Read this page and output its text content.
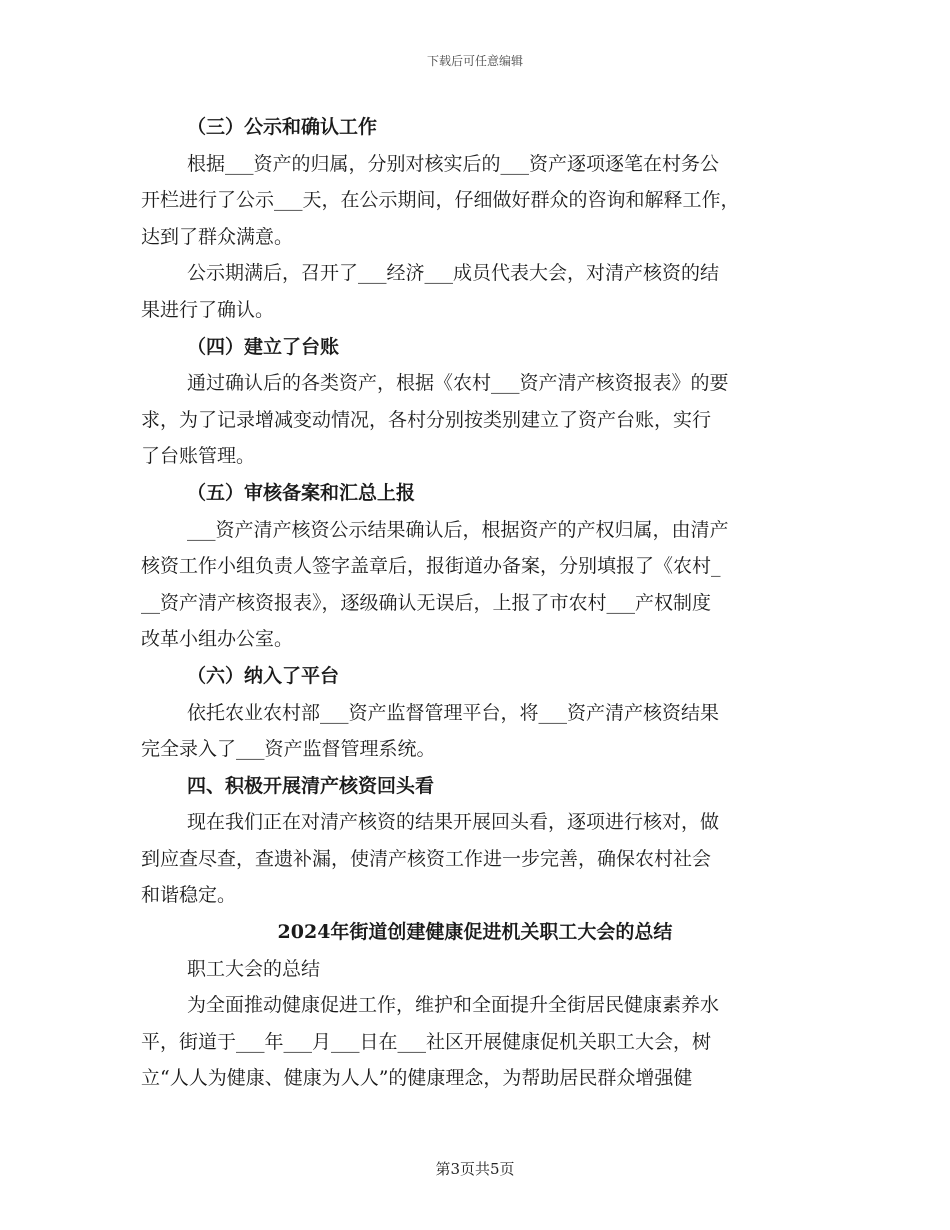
下载后可任意编辑
（三）公示和确认工作
根据___资产的归属，分别对核实后的___资产逐项逐笔在村务公
开栏进行了公示___天，在公示期间，仔细做好群众的咨询和解释工作，
达到了群众满意。
公示期满后，召开了___经济___成员代表大会，对清产核资的结
果进行了确认。
（四）建立了台账
通过确认后的各类资产，根据《农村___资产清产核资报表》的要
求，为了记录增减变动情况，各村分别按类别建立了资产台账，实行
了台账管理。
（五）审核备案和汇总上报
___资产清产核资公示结果确认后，根据资产的产权归属，由清产
核资工作小组负责人签字盖章后，报街道办备案，分别填报了《农村_
__资产清产核资报表》，逐级确认无误后，上报了市农村___产权制度
改革小组办公室。
（六）纳入了平台
依托农业农村部___资产监督管理平台，将___资产清产核资结果
完全录入了___资产监督管理系统。
四、积极开展清产核资回头看
现在我们正在对清产核资的结果开展回头看，逐项进行核对，做
到应查尽查，查遗补漏，使清产核资工作进一步完善，确保农村社会
和谐稳定。
2024年街道创建健康促进机关职工大会的总结
职工大会的总结
为全面推动健康促进工作，维护和全面提升全街居民健康素养水
平，街道于___年___月___日在___社区开展健康促机关职工大会，树
立“人人为健康、健康为人人”的健康理念，为帮助居民群众增强健
第3页共5页
